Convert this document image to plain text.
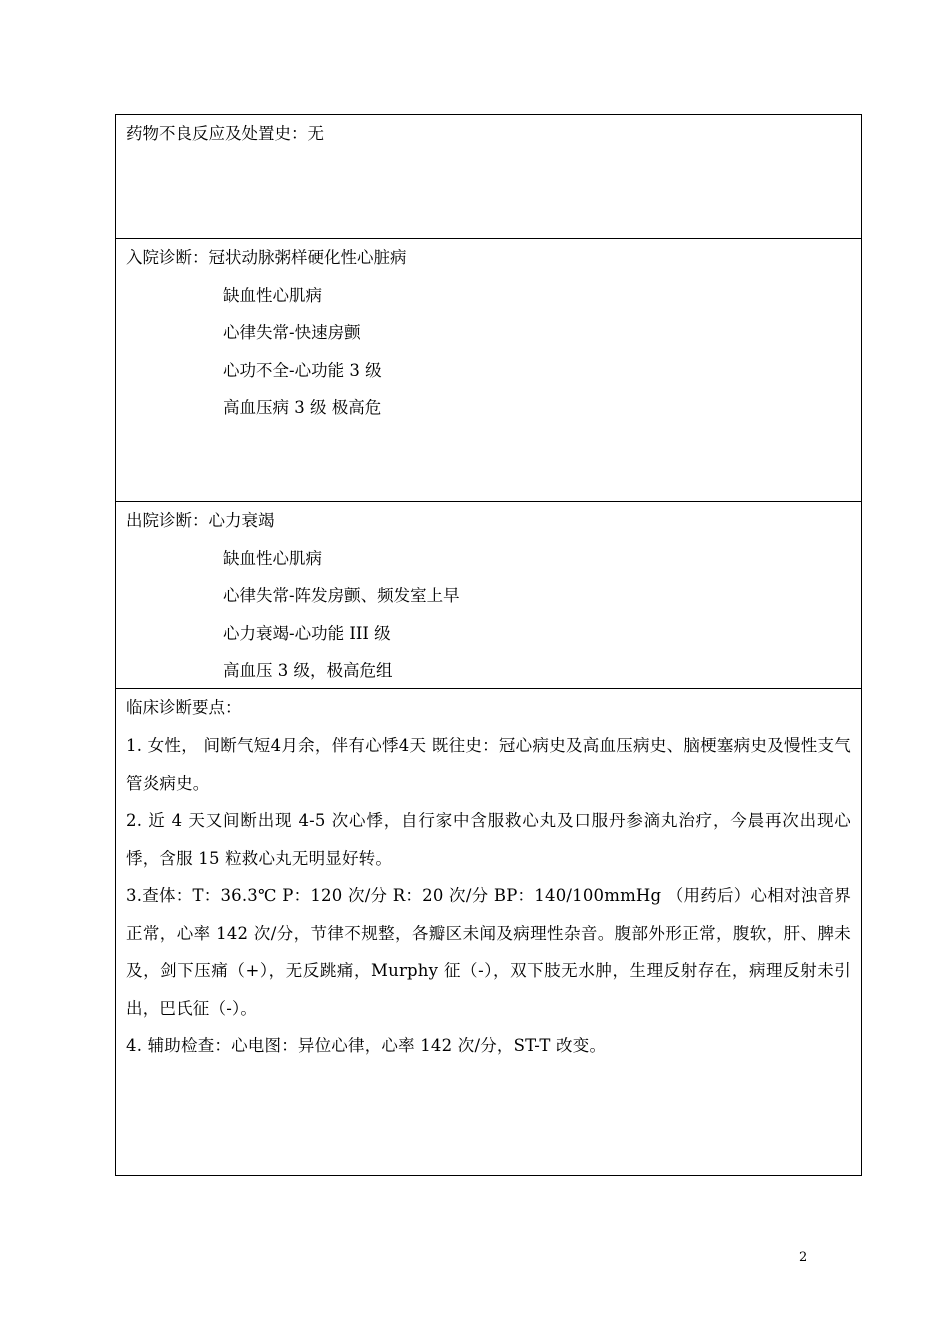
药物不良反应及处置史：无
入院诊断：冠状动脉粥样硬化性心脏病
缺血性心肌病
心律失常-快速房颤
心功不全-心功能 3 级
高血压病 3 级 极高危
出院诊断：心力衰竭
缺血性心肌病
心律失常-阵发房颤、频发室上早
心力衰竭-心功能 III 级
高血压 3 级，极高危组
临床诊断要点：
1. 女性， 间断气短4月余，伴有心悸4天 既往史：冠心病史及高血压病史、脑梗塞病史及慢性支气管炎病史。
2. 近 4 天又间断出现 4-5 次心悸，自行家中含服救心丸及口服丹参滴丸治疗，今晨再次出现心悸，含服 15 粒救心丸无明显好转。
3.查体：T：36.3℃ P：120 次/分 R：20 次/分 BP：140/100mmHg （用药后）心相对浊音界正常，心率 142 次/分，节律不规整，各瓣区未闻及病理性杂音。腹部外形正常，腹软，肝、脾未及，剑下压痛（+），无反跳痛，Murphy 征（-），双下肢无水肿，生理反射存在，病理反射未引出，巴氏征（-）。
4. 辅助检查：心电图：异位心律，心率 142 次/分，ST-T 改变。
2
